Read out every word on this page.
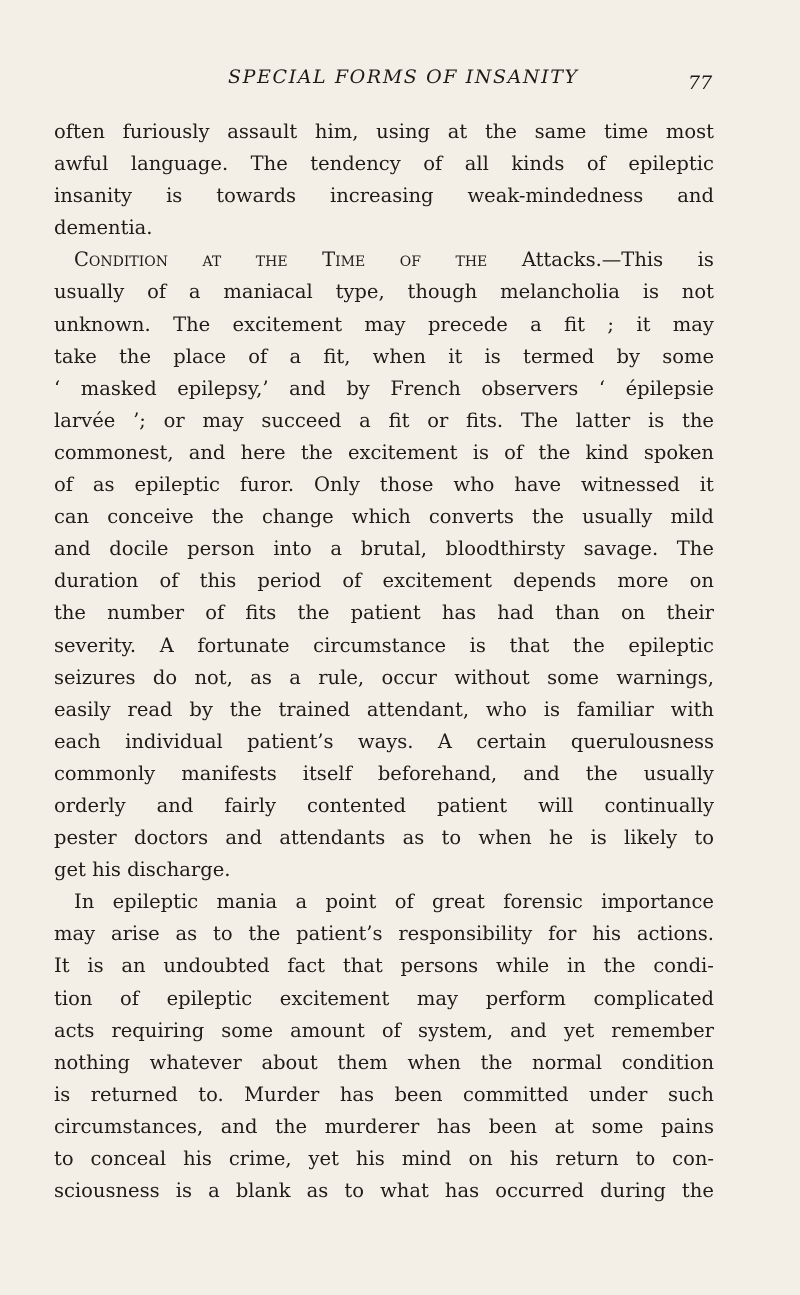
SPECIAL FORMS OF INSANITY	77
often furiously assault him, using at the same time most
awful language. The tendency of all kinds of epileptic
insanity is towards increasing weak-mindedness and
dementia.
Condition at the Time of the Attacks.—This is
usually of a maniacal type, though melancholia is not
unknown. The excitement may precede a fit ; it may
take the place of a fit, when it is termed by some
‘ masked epilepsy,’ and by French observers ‘ épilepsie
larvée ’; or may succeed a fit or fits. The latter is the
commonest, and here the excitement is of the kind spoken
of as epileptic furor. Only those who have witnessed it
can conceive the change which converts the usually mild
and docile person into a brutal, bloodthirsty savage. The
duration of this period of excitement depends more on
the number of fits the patient has had than on their
severity. A fortunate circumstance is that the epileptic
seizures do not, as a rule, occur without some warnings,
easily read by the trained attendant, who is familiar with
each individual patient’s ways. A certain querulousness
commonly manifests itself beforehand, and the usually
orderly and fairly contented patient will continually
pester doctors and attendants as to when he is likely to
get his discharge.
In epileptic mania a point of great forensic importance
may arise as to the patient’s responsibility for his actions.
It is an undoubted fact that persons while in the condi-
tion of epileptic excitement may perform complicated
acts requiring some amount of system, and yet remember
nothing whatever about them when the normal condition
is returned to. Murder has been committed under such
circumstances, and the murderer has been at some pains
to conceal his crime, yet his mind on his return to con-
sciousness is a blank as to what has occurred during the
